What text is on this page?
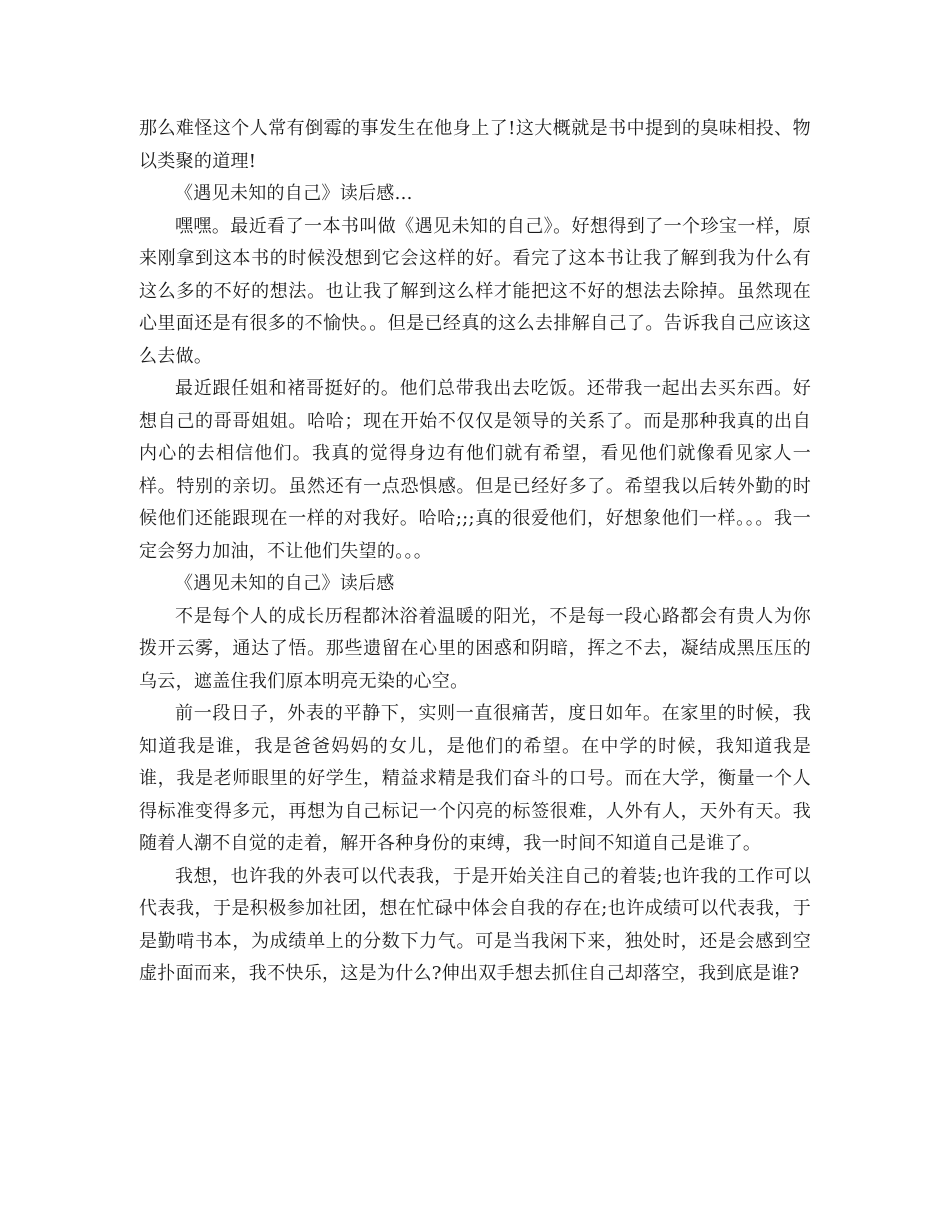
那么难怪这个人常有倒霉的事发生在他身上了!这大概就是书中提到的臭味相投、物以类聚的道理!

《遇见未知的自己》读后感...

嘿嘿。最近看了一本书叫做《遇见未知的自己》。好想得到了一个珍宝一样，原来刚拿到这本书的时候没想到它会这样的好。看完了这本书让我了解到我为什么有这么多的不好的想法。也让我了解到这么样才能把这不好的想法去除掉。虽然现在心里面还是有很多的不愉快。。但是已经真的这么去排解自己了。告诉我自己应该这么去做。

最近跟任姐和褚哥挺好的。他们总带我出去吃饭。还带我一起出去买东西。好想自己的哥哥姐姐。哈哈；现在开始不仅仅是领导的关系了。而是那种我真的出自内心的去相信他们。我真的觉得身边有他们就有希望，看见他们就像看见家人一样。特别的亲切。虽然还有一点恐惧感。但是已经好多了。希望我以后转外勤的时候他们还能跟现在一样的对我好。哈哈;;;真的很爱他们，好想象他们一样。。。我一定会努力加油，不让他们失望的。。。

《遇见未知的自己》读后感

不是每个人的成长历程都沐浴着温暖的阳光，不是每一段心路都会有贵人为你拨开云雾，通达了悟。那些遗留在心里的困惑和阴暗，挥之不去，凝结成黑压压的乌云，遮盖住我们原本明亮无染的心空。

前一段日子，外表的平静下，实则一直很痛苦，度日如年。在家里的时候，我知道我是谁，我是爸爸妈妈的女儿，是他们的希望。在中学的时候，我知道我是谁，我是老师眼里的好学生，精益求精是我们奋斗的口号。而在大学，衡量一个人得标准变得多元，再想为自己标记一个闪亮的标签很难，人外有人，天外有天。我随着人潮不自觉的走着，解开各种身份的束缚，我一时间不知道自己是谁了。

我想，也许我的外表可以代表我，于是开始关注自己的着装;也许我的工作可以代表我，于是积极参加社团，想在忙碌中体会自我的存在;也许成绩可以代表我，于是勤啃书本，为成绩单上的分数下力气。可是当我闲下来，独处时，还是会感到空虚扑面而来，我不快乐，这是为什么?伸出双手想去抓住自己却落空，我到底是谁?
